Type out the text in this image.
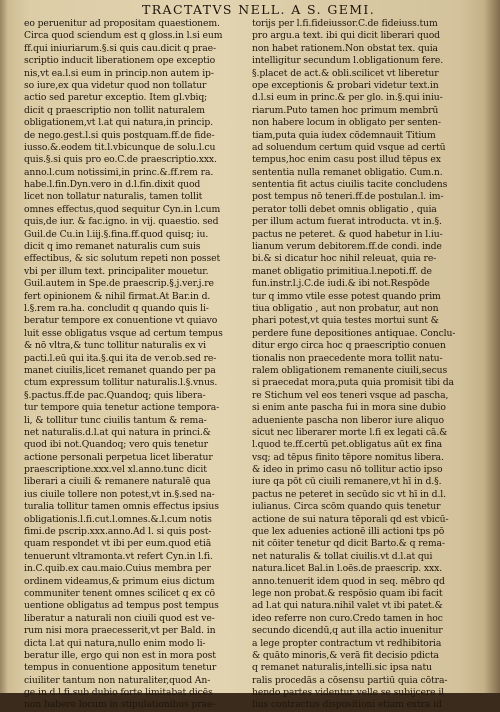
TRACTATVS NELL. A S. GEMI.
eo peruenitur ad propositam quaestionem.
Circa quod sciendum est q gloss.in l.si eum
ff.qui iniuriarum.§.si quis cau.dicit q prae-
scriptio inducit liberationem ope exceptio
nis,vt ea.l.si eum in princip.non autem ip-
so iure,ex qua videtur quod non tollatur
actio sed paretur exceptio. Item gl.vbiq;
dicit q praescriptio non tollit naturalem
obligationem,vt l.at qui natura,in princip.
de nego.gest.l.si quis postquam.ff.de fide-
iusso.&.eodem tit.l.vbicunque de solu.l.cu
quis.§.si quis pro eo.C.de praescriptio.xxx.
anno.l.cum notissimi,in princ.&.ff.rem ra.
habe.l.fin.Dyn.vero in d.l.fin.dixit quod
licet non tollatur naturalis, tamen tollit
omnes effectus,quod sequitur Cyn.in l.cum
quis,de iur. & fac.igno. in vij. quaestio. sed
Guil.de Cu.in l.iij.§.fina.ff.quod quisq; iu.
dicit q imo remanet naturalis cum suis
effectibus, & sic solutum repeti non posset
vbi per illum text. principaliter mouetur.
Guil.autem in Spe.de praescrip.§.j.ver.j.re
fert opinionem & nihil firmat.At Bar.in d.
l.§.rem ra.ha. concludit q quando quis li-
beratur tempore ex conuentione vt quiavo
luit esse obligatus vsque ad certum tempus
& nō vltra,& tunc tollitur naturalis ex vi
pacti.l.eū qui ita.§.qui ita de ver.ob.sed re-
manet ciuilis,licet remanet quando per pa
ctum expressum tollitur naturalis.l.§.vnus.
§.pactus.ff.de pac.Quandoq; quis libera-
tur tempore quia tenetur actione tempora-
li, & tollitur tunc ciuilis tantum & rema-
net naturalis.d.l.at qui natura in princi.&
quod ibi not.Quandoq; vero quis tenetur
actione personali perpetua licet liberatur
praescriptione.xxx.vel xl.anno.tunc dicit
liberari a ciuili & remanere naturalē qua
ius ciuile tollere non potest,vt in.§.sed na-
turalia tollitur tamen omnis effectus ipsius
obligationis.l.fi.cut.l.omnes.&.l.cum notis
fimi.de pscrip.xxx.anno.Ad l. si quis post-
quam respondet vt ibi per eum.quod etiā
tenuerunt vltramonta.vt refert Cyn.in l.fi.
in.C.quib.ex cau.maio.Cuius membra per
ordinem videamus,& primum eius dictum
communiter tenent omnes scilicet q ex cō
uentione obligatus ad tempus post tempus
liberatur a naturali non ciuili quod est ve-
rum nisi mora praecesserit,vt per Bald. in
dicta l.at qui natura,nullo enim modo li-
beratur ille, ergo qui non est in mora post
tempus in conuentione appositum tenetur
ciuiliter tantum non naturaliter,quod An-
ge.in d.l.fi.sub dubio forte limitabat dicēs
non habere locum in stipulationibus prae-
torijs per l.fi.fideiussor.C.de fideiuss.tum
pro argu.a text. ibi qui dicit liberari quod
non habet rationem.Non obstat tex. quia
intelligitur secundum l.obligationum fere.
§.placet de act.& obli.scilicet vt liberetur
ope exceptionis & probari videtur text.in
d.l.si eum in princ.& per glo. in.§.qui iniu-
riarum.Puto tamen hoc primum membrū
non habere locum in obligato per senten-
tiam,puta quia iudex cōdemnauit Titium
ad soluendum certum quid vsque ad certū
tempus,hoc enim casu post illud tēpus ex
sententia nulla remanet obligatio. Cum.n.
sententia fit actus ciuilis tacite concludens
post tempus nō teneri.ff.de postulan.l. im-
perator tolli debet omnis obligatio , quia
per illum actum fuerat introducta. vt in.§.
pactus ne peteret. & quod habetur in l.iu-
lianum verum debitorem.ff.de condi. inde
bi.& si dicatur hoc nihil releuat, quia re-
manet obligatio primitiua.l.nepoti.ff. de
fun.instr.l.j.C.de iudi.& ibi not.Respōde
tur q immo vtile esse potest quando prim
tiua obligatio , aut non probatur, aut non
phari potest,vt quia testes mortui sunt &
perdere fune depositiones antiquae. Conclu-
ditur ergo circa hoc q praescriptio conuen
tionalis non praecedente mora tollit natu-
ralem obligationem remanente ciuili,secus
si praecedat mora,puta quia promisit tibi da
re Stichum vel eos teneri vsque ad pascha,
si enim ante pascha fui in mora sine dubio
adueniente pascha non liberor iure aliquo
sicut nec liberarer morte l.fi ex legati cā.&
l.quod te.ff.certū pet.obligatus aūt ex fina
vsq; ad tēpus finito tēpore nomitus libera.
& ideo in primo casu nō tollitur actio ipso
iure qa pōt cū ciuili remanere,vt hī in d.§.
pactus ne peteret in secūdo sic vt hī in d.l.
iulianus. Circa scōm quando quis tenetur
actione de sui natura tēporali qd est vbicū-
que lex aduenies actionē illi actioni tps pō
nit cōiter tenetur qd dicit Barto.& q rema-
net naturalis & tollat ciuilis.vt d.l.at qui
natura.licet Bal.in l.oēs.de praescrip. xxx.
anno.tenuerit idem quod in seq. mēbro qd
lege non probat.& respōsio quam ibi facit
ad l.at qui natura.nihil valet vt ibi patet.&
ideo referre non curo.Credo tamen in hoc
secundo dicendū,q aut illa actio inuenitur
a lege propter contractum vt redhibitoria
& quāto minoris,& verā fit decisio pdicta
q remanet naturalis,intelli.sic ipsa natu
ralis procedās a cōsensu partiū quia cōtra-
hendo partes videntur velle se subijcere il
lius contractus dispositioni etiam extra id
